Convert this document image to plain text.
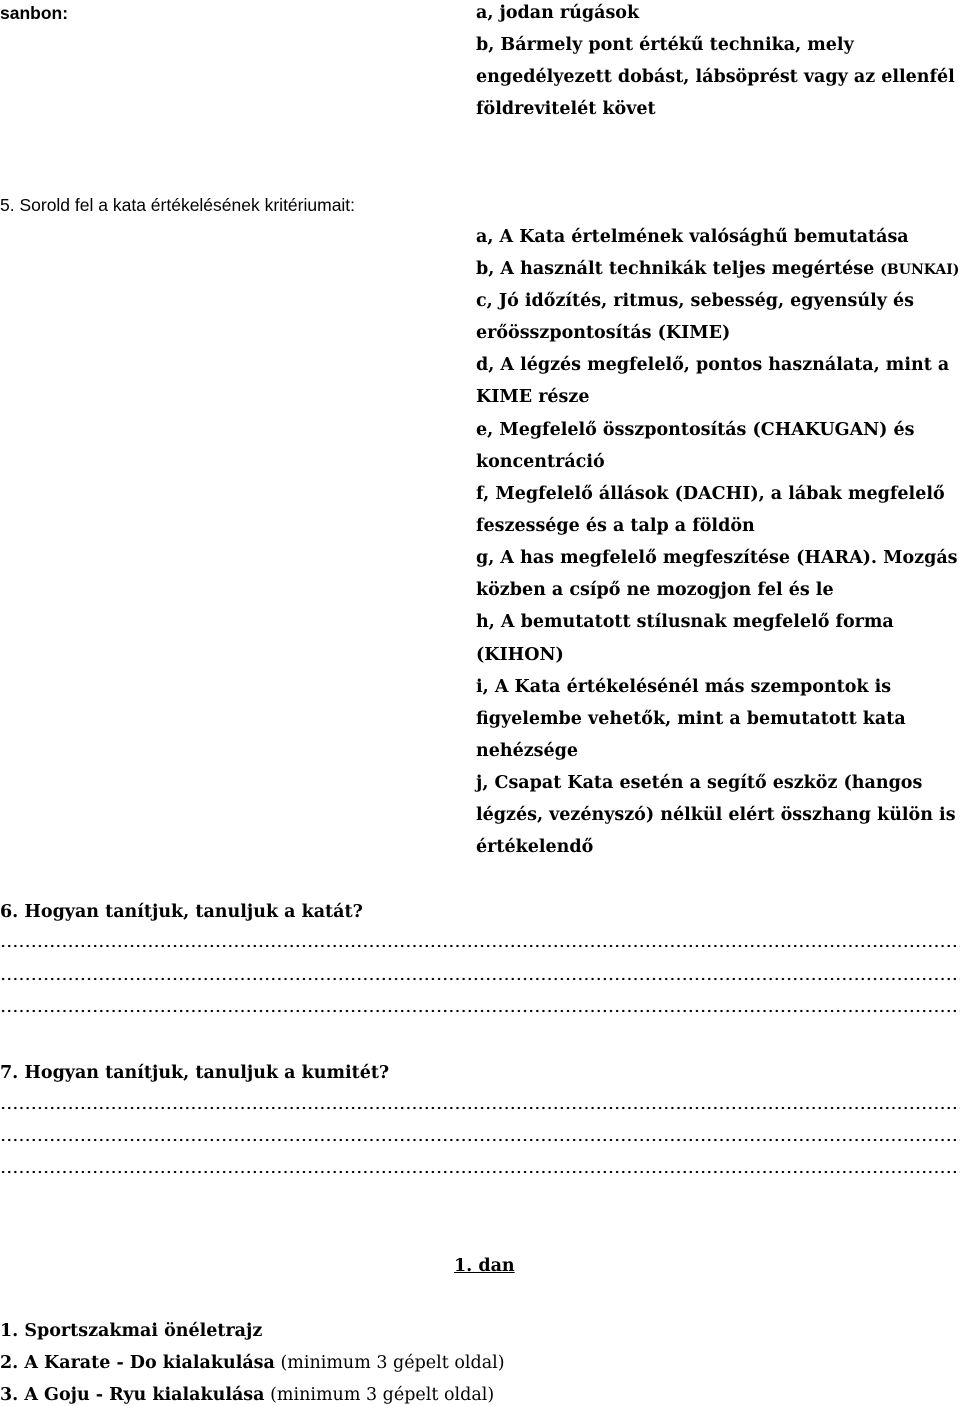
sanbon:	a, jodan rúgások
b, Bármely pont értékű technika, mely
engedélyezett dobást, lábsöprést vagy az ellenfél
földrevitelét követ
5. Sorold fel a kata értékelésének kritériumait:
a, A Kata értelmének valósághű bemutatása
b, A használt technikák teljes megértése (BUNKAI)
c, Jó időzítés, ritmus, sebesség, egyensúly és
erőösszpontosítás (KIME)
d, A légzés megfelelő, pontos használata, mint a
KIME része
e, Megfelelő összpontosítás (CHAKUGAN) és
koncentráció
f, Megfelelő állások (DACHI), a lábak megfelelő
feszessége és a talp a földön
g, A has megfelelő megfeszítése (HARA). Mozgás
közben a csípő ne mozogjon fel és le
h, A bemutatott stílusnak megfelelő forma
(KIHON)
i, A Kata értékelésénél más szempontok is
figyelembe vehetők, mint a bemutatott kata
nehézsége
j, Csapat Kata esetén a segítő eszköz (hangos
légzés, vezényszó) nélkül elért összhang külön is
értékelendő
6. Hogyan tanítjuk, tanuljuk a katát?
7. Hogyan tanítjuk, tanuljuk a kumitét?
1. dan
1. Sportszakmai önéletrajz
2. A Karate - Do kialakulása (minimum 3 gépelt oldal)
3. A Goju - Ryu kialakulása (minimum 3 gépelt oldal)
